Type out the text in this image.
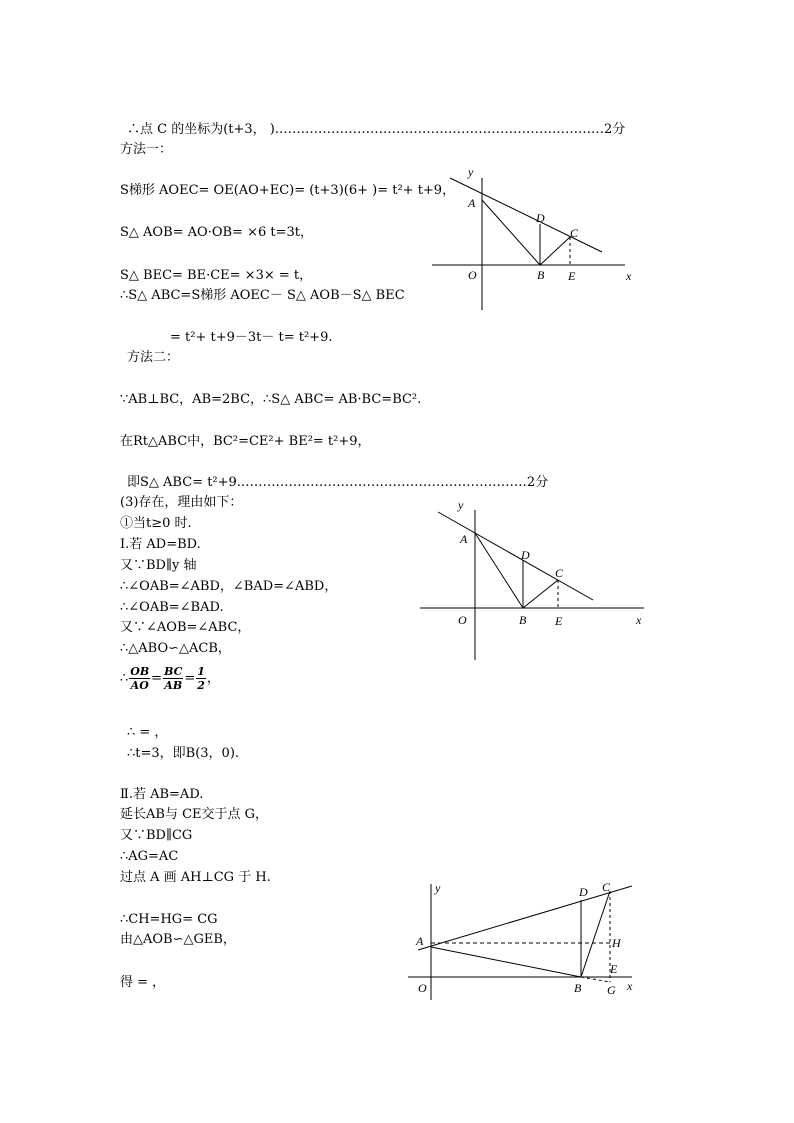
∴点 C 的坐标为(t+3， ).…………………………………………………………………2分
方法一：
S梯形 AOEC= OE(AO+EC)= (t+3)(6+ )= t²+ t+9，
S△ AOB= AO·OB= ×6 t=3t，
S△ BEC= BE·CE= ×3× = t，
∴S△ ABC=S梯形 AOEC－ S△ AOB－S△ BEC
= t²+ t+9－3t－ t= t²+9.
方法二：
∵AB⊥BC，AB=2BC，∴S△ ABC= AB·BC=BC².
在Rt△ABC中，BC²=CE²+ BE²= t²+9，
即S△ ABC= t²+9.…………………………………………………………2分
(3)存在，理由如下：
①当t≥0 时.
Ⅰ.若 AD=BD.
又∵BD∥y 轴
∴∠OAB=∠ABD，∠BAD=∠ABD，
∴∠OAB=∠BAD.
又∵∠AOB=∠ABC，
∴△ABO∽△ACB，
∴ $\frac{OB}{AO} = \frac{BC}{AB} = \frac{1}{2}$ ，
∴ = ，
∴t=3，即B(3，0).
Ⅱ.若 AB=AD.
延长AB与 CE交于点 G，
又∵BD∥CG
∴AG=AC
过点 A 画 AH⊥CG 于 H.
∴CH=HG= CG
由△AOB∽△GEB，
得 = ，
y
A
D
C
O	B E	x
y
A
D
C
O	B E	x
y
A
D C
H
E
O	B G x
